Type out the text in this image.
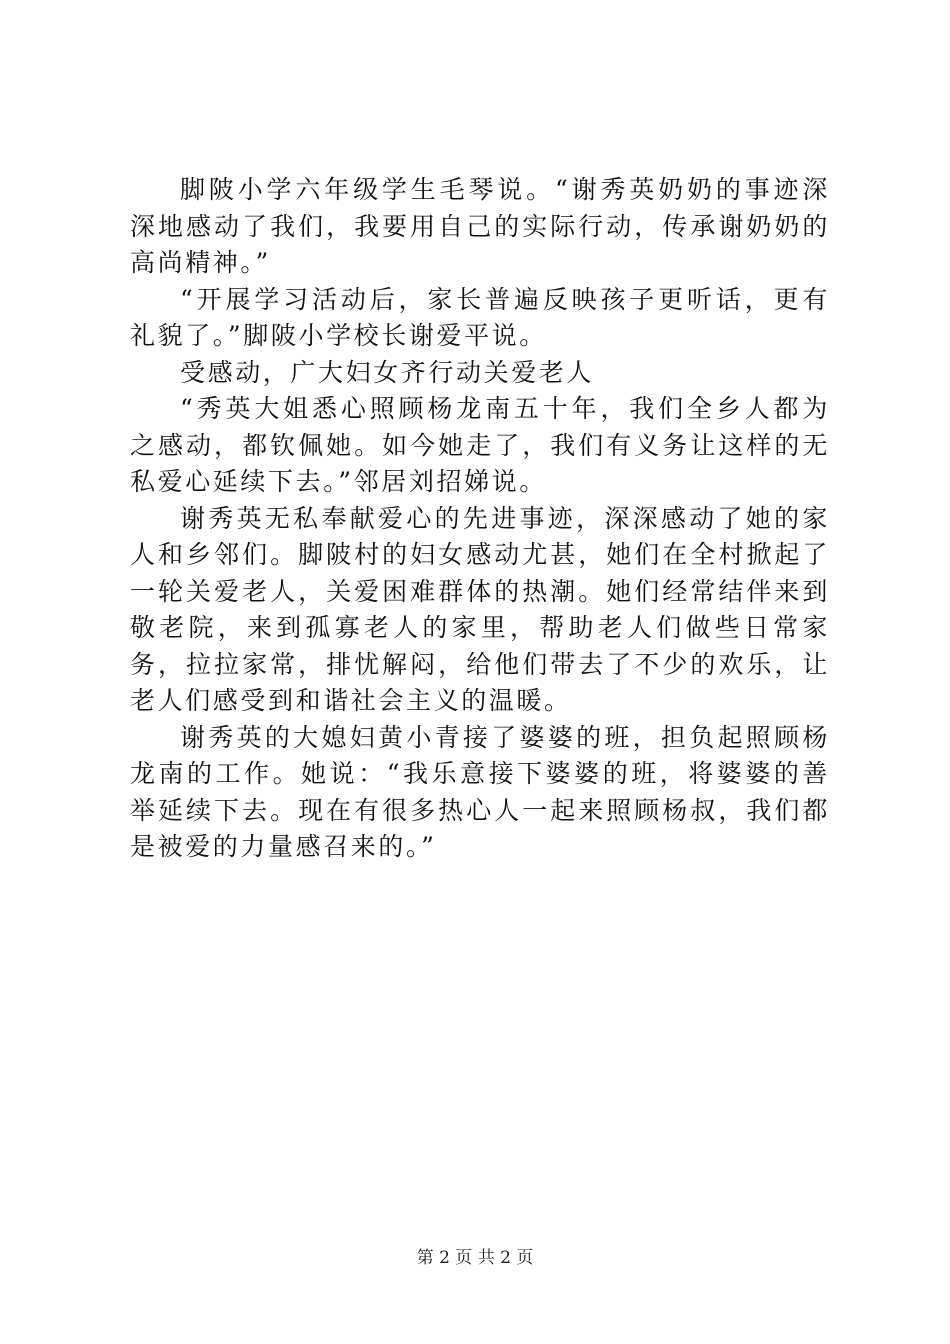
脚陂小学六年级学生毛琴说。“谢秀英奶奶的事迹深深地感动了我们，我要用自己的实际行动，传承谢奶奶的高尚精神。”

“开展学习活动后，家长普遍反映孩子更听话，更有礼貌了。”脚陂小学校长谢爱平说。

受感动，广大妇女齐行动关爱老人

“秀英大姐悉心照顾杨龙南五十年，我们全乡人都为之感动，都钦佩她。如今她走了，我们有义务让这样的无私爱心延续下去。”邻居刘招娣说。

谢秀英无私奉献爱心的先进事迹，深深感动了她的家人和乡邻们。脚陂村的妇女感动尤甚，她们在全村掀起了一轮关爱老人，关爱困难群体的热潮。她们经常结伴来到敬老院，来到孤寡老人的家里，帮助老人们做些日常家务，拉拉家常，排忧解闷，给他们带去了不少的欢乐，让老人们感受到和谐社会主义的温暖。

谢秀英的大媳妇黄小青接了婆婆的班，担负起照顾杨龙南的工作。她说：“我乐意接下婆婆的班，将婆婆的善举延续下去。现在有很多热心人一起来照顾杨叔，我们都是被爱的力量感召来的。”

第 2 页 共 2 页
